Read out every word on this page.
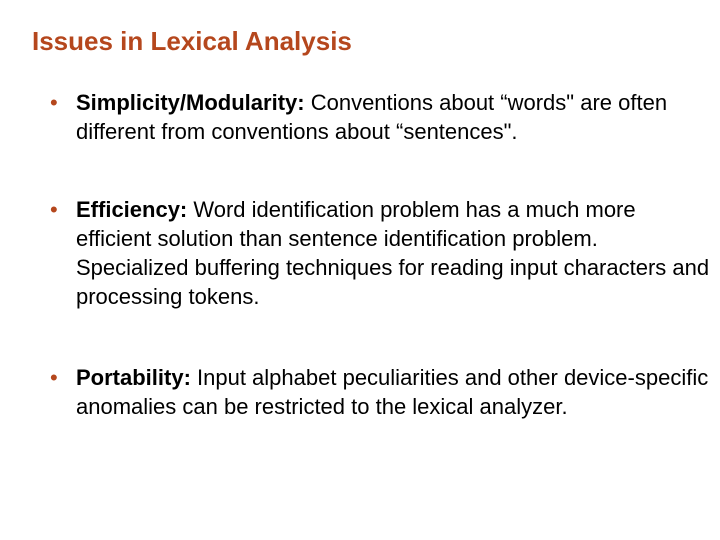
Issues in Lexical Analysis
• Simplicity/Modularity: Conventions about “words" are often different from conventions about “sentences".
• Efficiency: Word identification problem has a much more efficient solution than sentence identification problem. Specialized buffering techniques for reading input characters and processing tokens.
• Portability: Input alphabet peculiarities and other device-specific anomalies can be restricted to the lexical analyzer.
